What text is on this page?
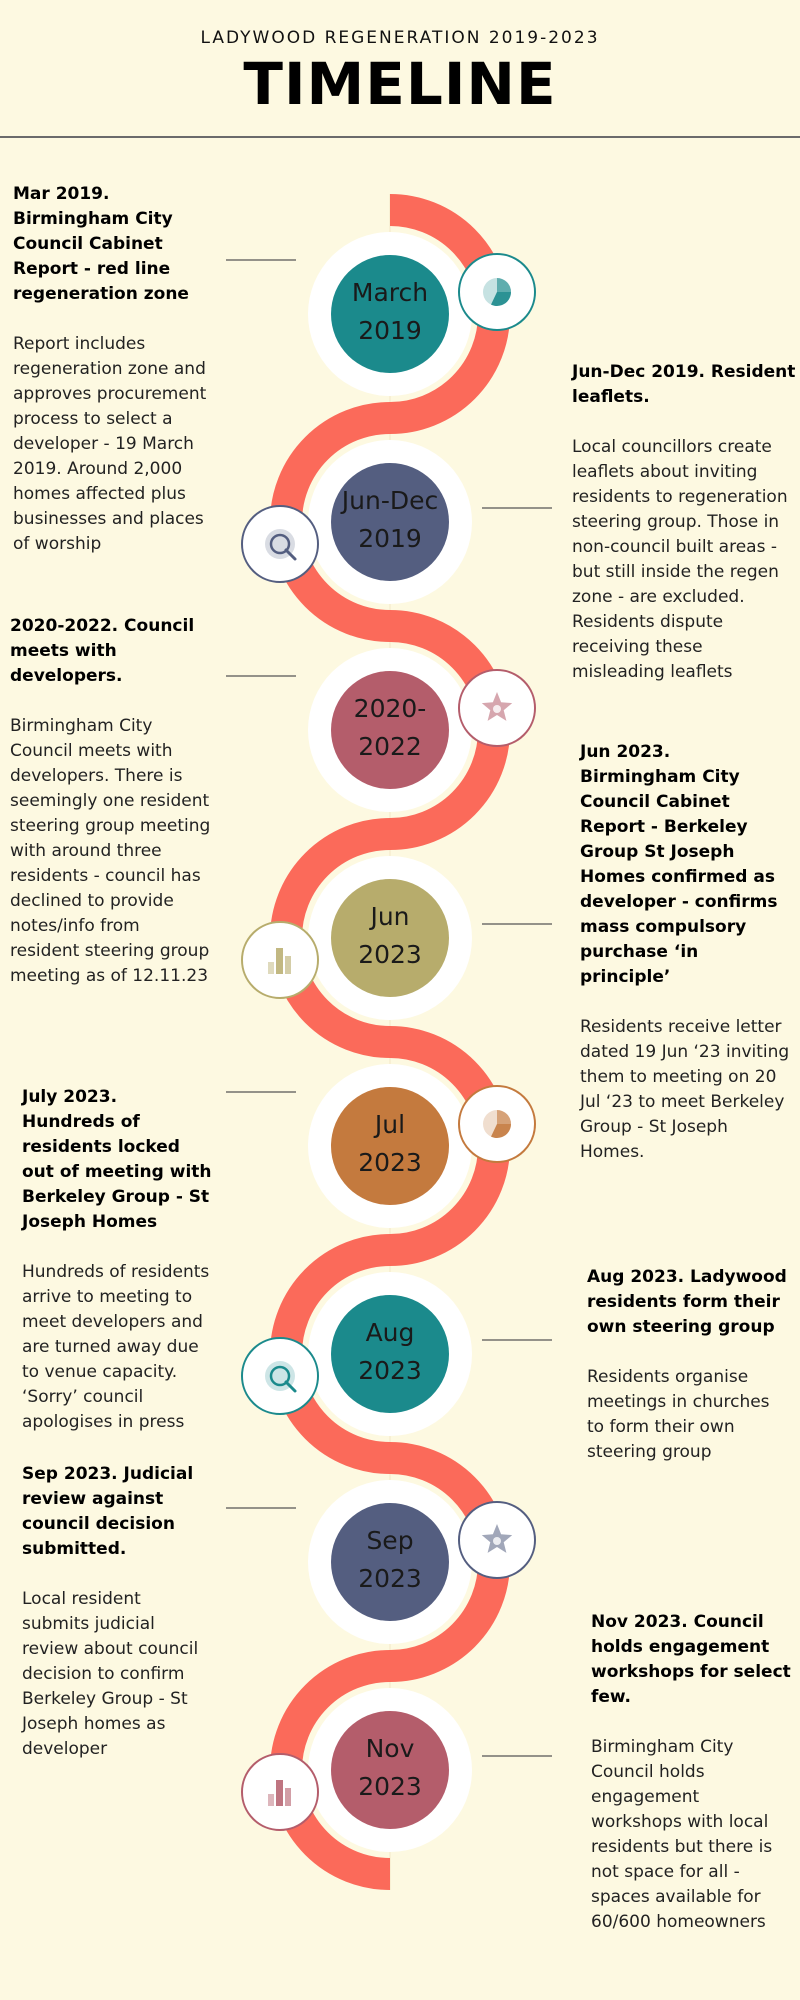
LADYWOOD REGENERATION 2019-2023
TIMELINE
March
2019
Jun-Dec
2019
2020-
2022
Jun
2023
Jul
2023
Aug
2023
Sep
2023
Nov
2023
Mar 2019. Birmingham City Council Cabinet Report - red line regeneration zone
Report includes regeneration zone and approves procurement process to select a developer - 19 March 2019. Around 2,000 homes affected plus businesses and places of worship
Jun-Dec 2019. Resident leaflets.
Local councillors create leaflets about inviting residents to regeneration steering group. Those in non-council built areas - but still inside the regen zone - are excluded. Residents dispute receiving these misleading leaflets
2020-2022. Council meets with developers.
Birmingham City Council meets with developers. There is seemingly one resident steering group meeting with around three residents - council has declined to provide notes/info from resident steering group meeting as of 12.11.23
Jun 2023. Birmingham City Council Cabinet Report - Berkeley Group St Joseph Homes confirmed as developer - confirms mass compulsory purchase ‘in principle’
Residents receive letter dated 19 Jun ‘23 inviting them to meeting on 20 Jul ‘23 to meet Berkeley Group - St Joseph Homes.
July 2023. Hundreds of residents locked out of meeting with Berkeley Group - St Joseph Homes
Hundreds of residents arrive to meeting to meet developers and are turned away due to venue capacity. ‘Sorry’ council apologises in press
Aug 2023. Ladywood residents form their own steering group
Residents organise meetings in churches to form their own steering group
Sep 2023. Judicial review against council decision submitted.
Local resident submits judicial review about council decision to confirm Berkeley Group - St Joseph homes as developer
Nov 2023. Council holds engagement workshops for select few.
Birmingham City Council holds engagement workshops with local residents but there is not space for all - spaces available for 60/600 homeowners
